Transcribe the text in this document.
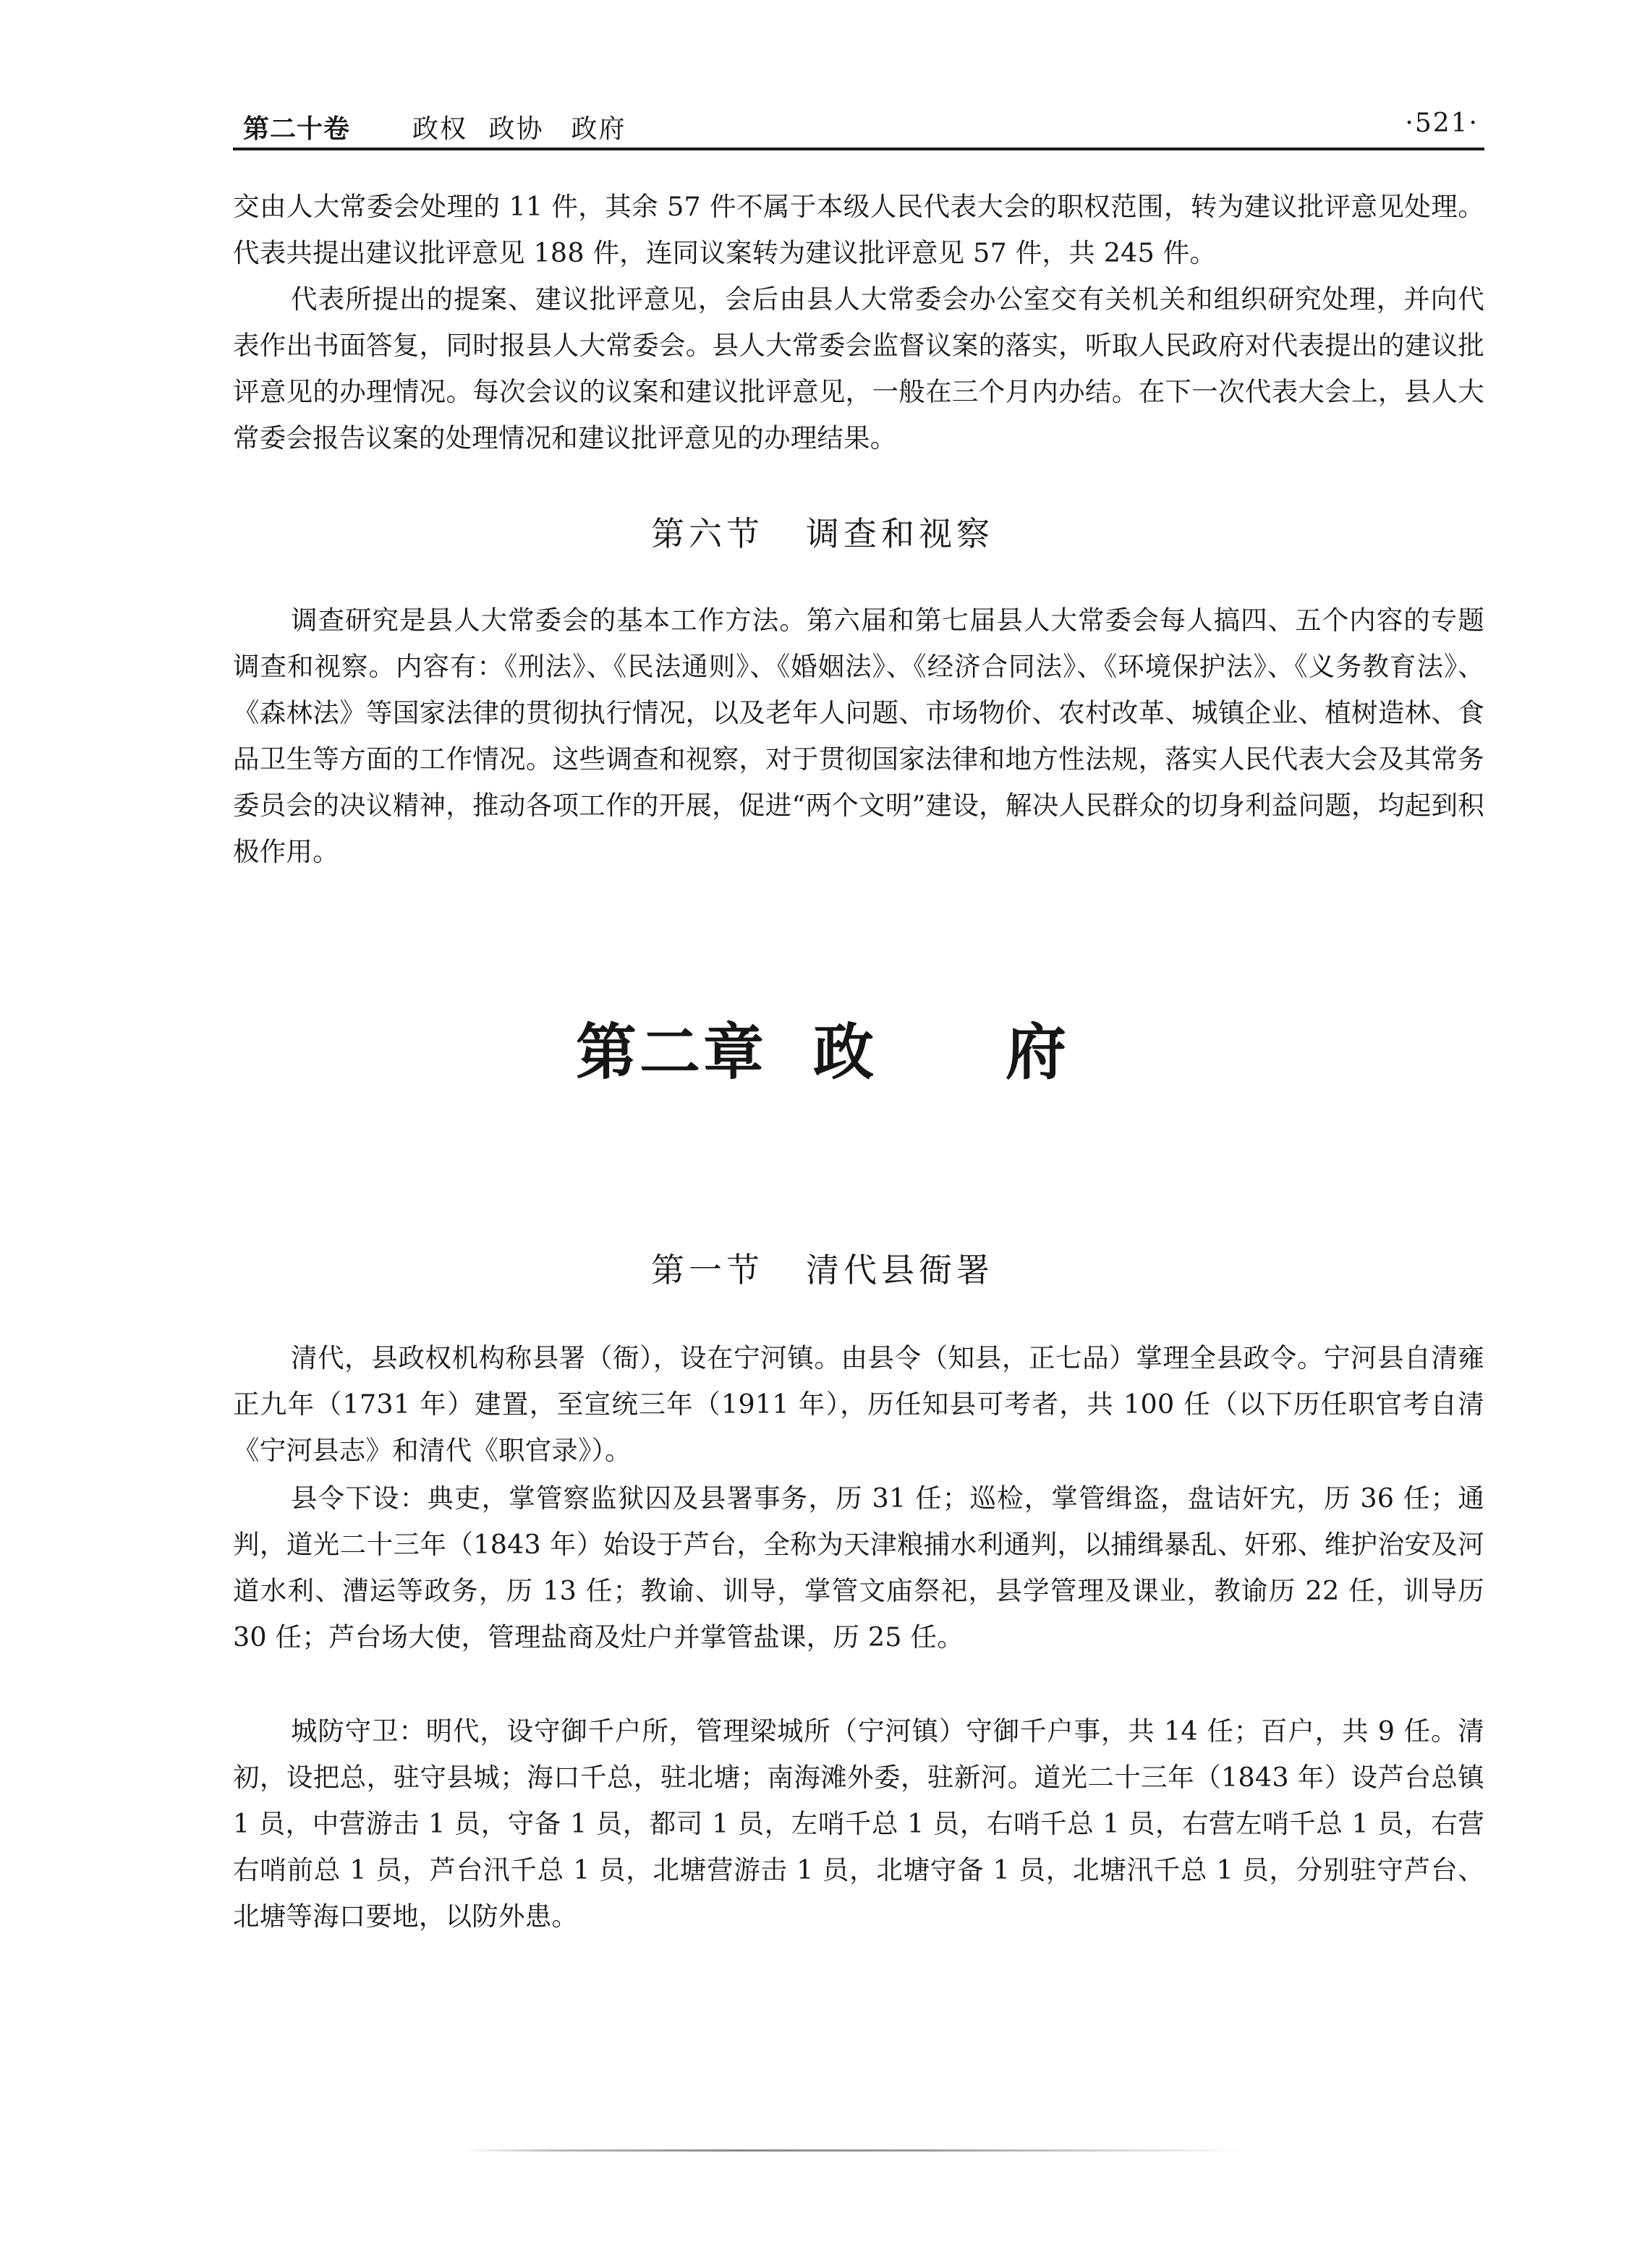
第二十卷 政权 政协　政府	·521·

交由人大常委会处理的 11 件，其余 57 件不属于本级人民代表大会的职权范围，转为建议批评意见处理。代表共提出建议批评意见 188 件，连同议案转为建议批评意见 57 件，共 245 件。

代表所提出的提案、建议批评意见，会后由县人大常委会办公室交有关机关和组织研究处理，并向代表作出书面答复，同时报县人大常委会。县人大常委会监督议案的落实，听取人民政府对代表提出的建议批评意见的办理情况。每次会议的议案和建议批评意见，一般在三个月内办结。在下一次代表大会上，县人大常委会报告议案的处理情况和建议批评意见的办理结果。

第六节 调查和视察

调查研究是县人大常委会的基本工作方法。第六届和第七届县人大常委会每人搞四、五个内容的专题调查和视察。内容有：《刑法》、《民法通则》、《婚姻法》、《经济合同法》、《环境保护法》、《义务教育法》、《森林法》等国家法律的贯彻执行情况，以及老年人问题、市场物价、农村改革、城镇企业、植树造林、食品卫生等方面的工作情况。这些调查和视察，对于贯彻国家法律和地方性法规，落实人民代表大会及其常务委员会的决议精神，推动各项工作的开展，促进“两个文明”建设，解决人民群众的切身利益问题，均起到积极作用。

第二章 政 府
第一节 清代县衙署

清代，县政权机构称县署（衙），设在宁河镇。由县令（知县，正七品）掌理全县政令。宁河县自清雍正九年（1731 年）建置，至宣统三年（1911 年），历任知县可考者，共 100 任（以下历任职官考自清《宁河县志》和清代《职官录》）。

县令下设：典吏，掌管察监狱囚及县署事务，历 31 任；巡检，掌管缉盗，盘诘奸宄，历 36 任；通判，道光二十三年（1843 年）始设于芦台，全称为天津粮捕水利通判，以捕缉暴乱、奸邪、维护治安及河道水利、漕运等政务，历 13 任；教谕、训导，掌管文庙祭祀，县学管理及课业，教谕历 22 任，训导历 30 任；芦台场大使，管理盐商及灶户并掌管盐课，历 25 任。

城防守卫：明代，设守御千户所，管理梁城所（宁河镇）守御千户事，共 14 任；百户，共 9 任。清初，设把总，驻守县城；海口千总，驻北塘；南海滩外委，驻新河。道光二十三年（1843 年）设芦台总镇 1 员，中营游击 1 员，守备 1 员，都司 1 员，左哨千总 1 员，右哨千总 1 员，右营左哨千总 1 员，右营右哨前总 1 员，芦台汛千总 1 员，北塘营游击 1 员，北塘守备 1 员，北塘汛千总 1 员，分别驻守芦台、北塘等海口要地，以防外患。
